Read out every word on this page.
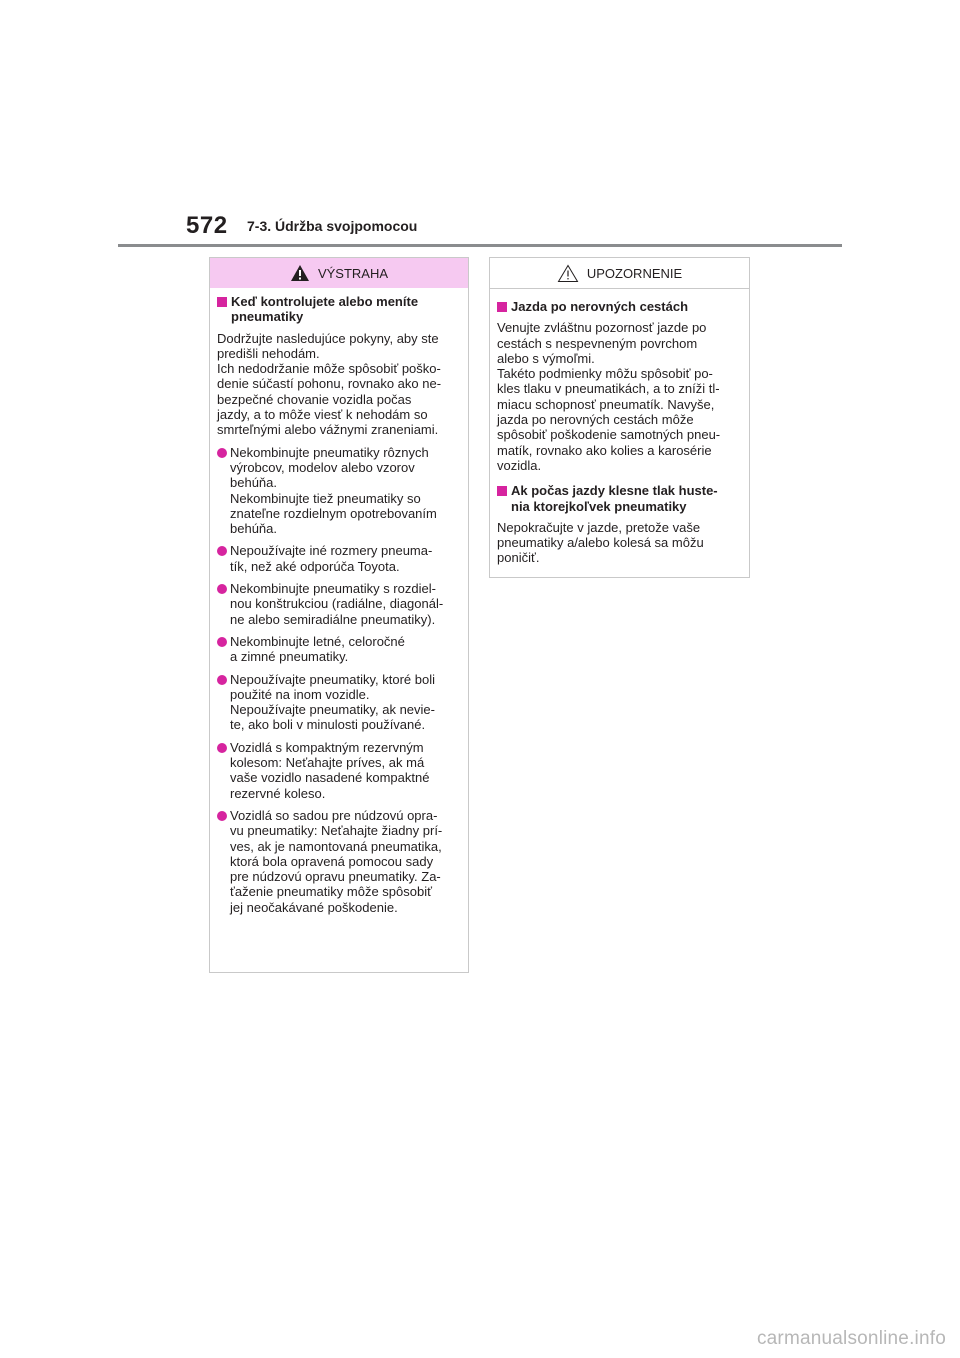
572 7-3. Údržba svojpomocou
VÝSTRAHA
Keď kontrolujete alebo meníte
pneumatiky
Dodržujte nasledujúce pokyny, aby ste
predišli nehodám.
Ich nedodržanie môže spôsobiť poško-
denie súčastí pohonu, rovnako ako ne-
bezpečné chovanie vozidla počas
jazdy, a to môže viesť k nehodám so
smrteľnými alebo vážnymi zraneniami.
Nekombinujte pneumatiky rôznych
výrobcov, modelov alebo vzorov
behúňa.
Nekombinujte tiež pneumatiky so
znateľne rozdielnym opotrebovaním
behúňa.
Nepoužívajte iné rozmery pneuma-
tík, než aké odporúča Toyota.
Nekombinujte pneumatiky s rozdiel-
nou konštrukciou (radiálne, diagonál-
ne alebo semiradiálne pneumatiky).
Nekombinujte letné, celoročné
a zimné pneumatiky.
Nepoužívajte pneumatiky, ktoré boli
použité na inom vozidle.
Nepoužívajte pneumatiky, ak nevie-
te, ako boli v minulosti používané.
Vozidlá s kompaktným rezervným
kolesom: Neťahajte príves, ak má
vaše vozidlo nasadené kompaktné
rezervné koleso.
Vozidlá so sadou pre núdzovú opra-
vu pneumatiky: Neťahajte žiadny prí-
ves, ak je namontovaná pneumatika,
ktorá bola opravená pomocou sady
pre núdzovú opravu pneumatiky. Za-
ťaženie pneumatiky môže spôsobiť
jej neočakávané poškodenie.
UPOZORNENIE
Jazda po nerovných cestách
Venujte zvláštnu pozornosť jazde po
cestách s nespevneným povrchom
alebo s výmoľmi.
Takéto podmienky môžu spôsobiť po-
kles tlaku v pneumatikách, a to zníži tl-
miacu schopnosť pneumatík. Navyše,
jazda po nerovných cestách môže
spôsobiť poškodenie samotných pneu-
matík, rovnako ako kolies a karosérie
vozidla.
Ak počas jazdy klesne tlak huste-
nia ktorejkoľvek pneumatiky
Nepokračujte v jazde, pretože vaše
pneumatiky a/alebo kolesá sa môžu
poničiť.
carmanualsonline.info
